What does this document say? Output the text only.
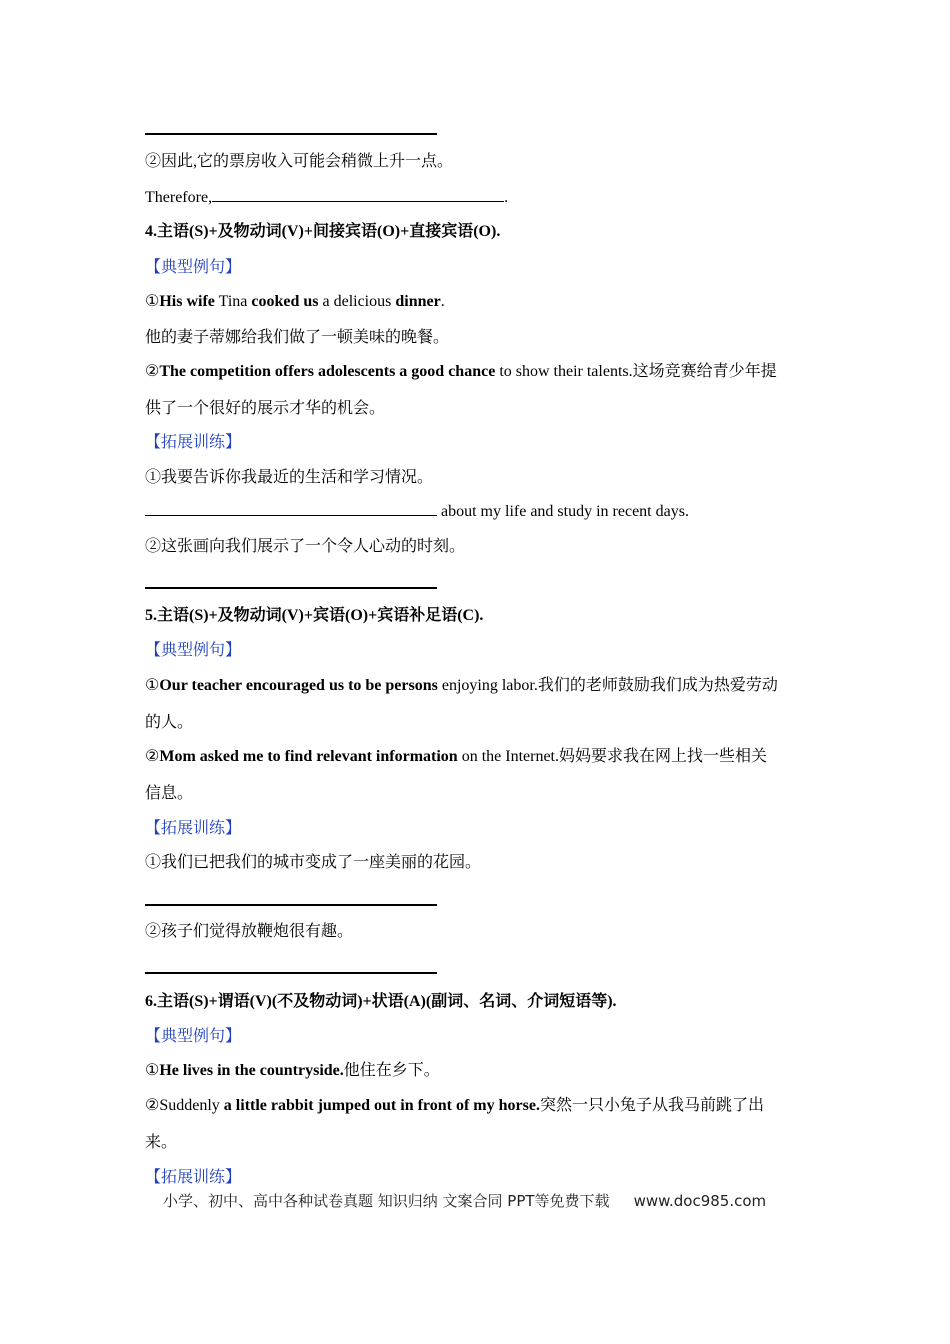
②因此,它的票房收入可能会稍微上升一点。
Therefore,	.
4.主语(S)+及物动词(V)+间接宾语(O)+直接宾语(O).
【典型例句】
①His wife Tina cooked us a delicious dinner.
他的妻子蒂娜给我们做了一顿美味的晚餐。
②The competition offers adolescents a good chance to show their talents.这场竞赛给青少年提
供了一个很好的展示才华的机会。
【拓展训练】
①我要告诉你我最近的生活和学习情况。
about my life and study in recent days.
②这张画向我们展示了一个令人心动的时刻。
5.主语(S)+及物动词(V)+宾语(O)+宾语补足语(C).
【典型例句】
①Our teacher encouraged us to be persons enjoying labor.我们的老师鼓励我们成为热爱劳动
的人。
②Mom asked me to find relevant information on the Internet.妈妈要求我在网上找一些相关
信息。
【拓展训练】
①我们已把我们的城市变成了一座美丽的花园。
②孩子们觉得放鞭炮很有趣。
6.主语(S)+谓语(V)(不及物动词)+状语(A)(副词、名词、介词短语等).
【典型例句】
①He lives in the countryside.他住在乡下。
②Suddenly a little rabbit jumped out in front of my horse.突然一只小兔子从我马前跳了出
来。
【拓展训练】
小学、初中、高中各种试卷真题 知识归纳 文案合同 PPT等免费下载 www.doc985.com
